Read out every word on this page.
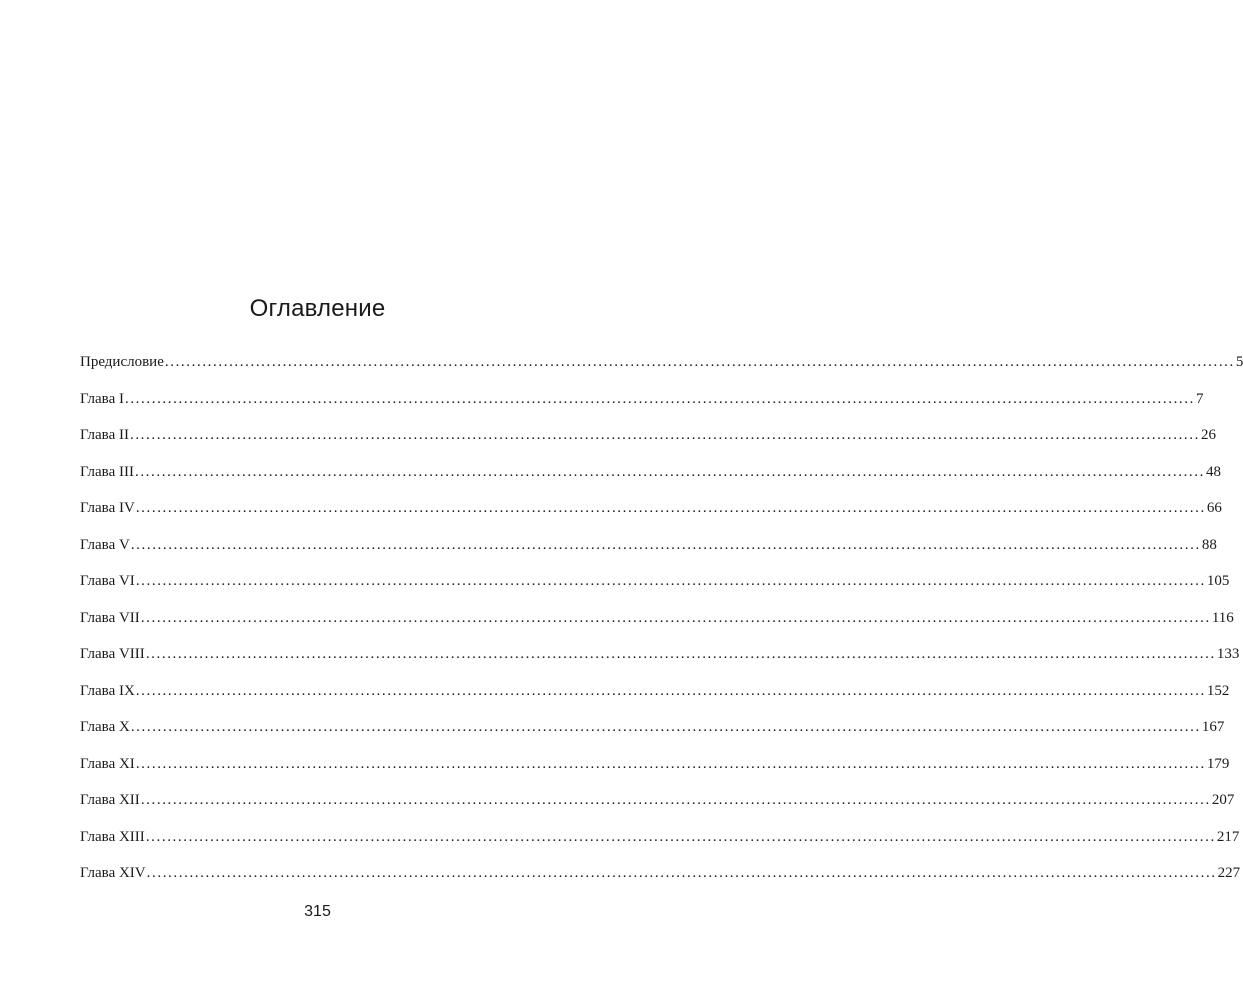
Оглавление
Предисловие ........................................................................................................................................................................................................ 5
Глава I ........................................................................................................................................................................................................ 7
Глава II ........................................................................................................................................................................................................ 26
Глава III ........................................................................................................................................................................................................ 48
Глава IV ........................................................................................................................................................................................................ 66
Глава V ........................................................................................................................................................................................................ 88
Глава VI ........................................................................................................................................................................................................ 105
Глава VII ........................................................................................................................................................................................................ 116
Глава VIII ........................................................................................................................................................................................................ 133
Глава IX ........................................................................................................................................................................................................ 152
Глава X ........................................................................................................................................................................................................ 167
Глава XI ........................................................................................................................................................................................................ 179
Глава XII ........................................................................................................................................................................................................ 207
Глава XIII ........................................................................................................................................................................................................ 217
Глава XIV ........................................................................................................................................................................................................ 227
315
